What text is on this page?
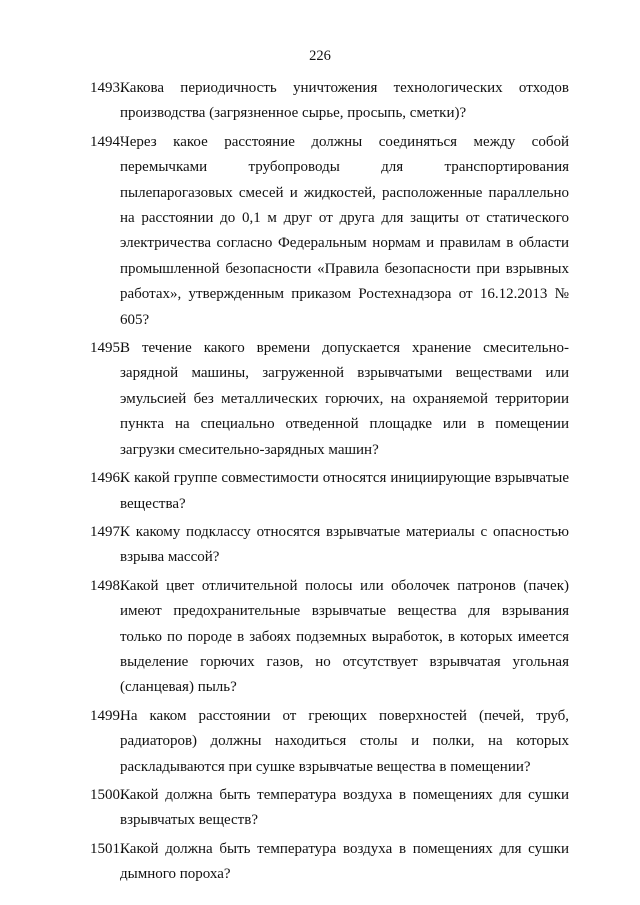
226
1493.
Какова периодичность уничтожения технологических отходов производства (загрязненное сырье, просыпь, сметки)?
1494.
Через какое расстояние должны соединяться между собой перемычками трубопроводы для транспортирования пылепарогазовых смесей и жидкостей, расположенные параллельно на расстоянии до 0,1 м друг от друга для защиты от статического электричества согласно Федеральным нормам и правилам в области промышленной безопасности «Правила безопасности при взрывных работах», утвержденным приказом Ростехнадзора от 16.12.2013 № 605?
1495.
В течение какого времени допускается хранение смесительно-зарядной машины, загруженной взрывчатыми веществами или эмульсией без металлических горючих, на охраняемой территории пункта на специально отведенной площадке или в помещении загрузки смесительно-зарядных машин?
1496.
К какой группе совместимости относятся инициирующие взрывчатые вещества?
1497.
К какому подклассу относятся взрывчатые материалы с опасностью взрыва массой?
1498.
Какой цвет отличительной полосы или оболочек патронов (пачек) имеют предохранительные взрывчатые вещества для взрывания только по породе в забоях подземных выработок, в которых имеется выделение горючих газов, но отсутствует взрывчатая угольная (сланцевая) пыль?
1499.
На каком расстоянии от греющих поверхностей (печей, труб, радиаторов) должны находиться столы и полки, на которых раскладываются при сушке взрывчатые вещества в помещении?
1500.
Какой должна быть температура воздуха в помещениях для сушки взрывчатых веществ?
1501.
Какой должна быть температура воздуха в помещениях для сушки дымного пороха?
